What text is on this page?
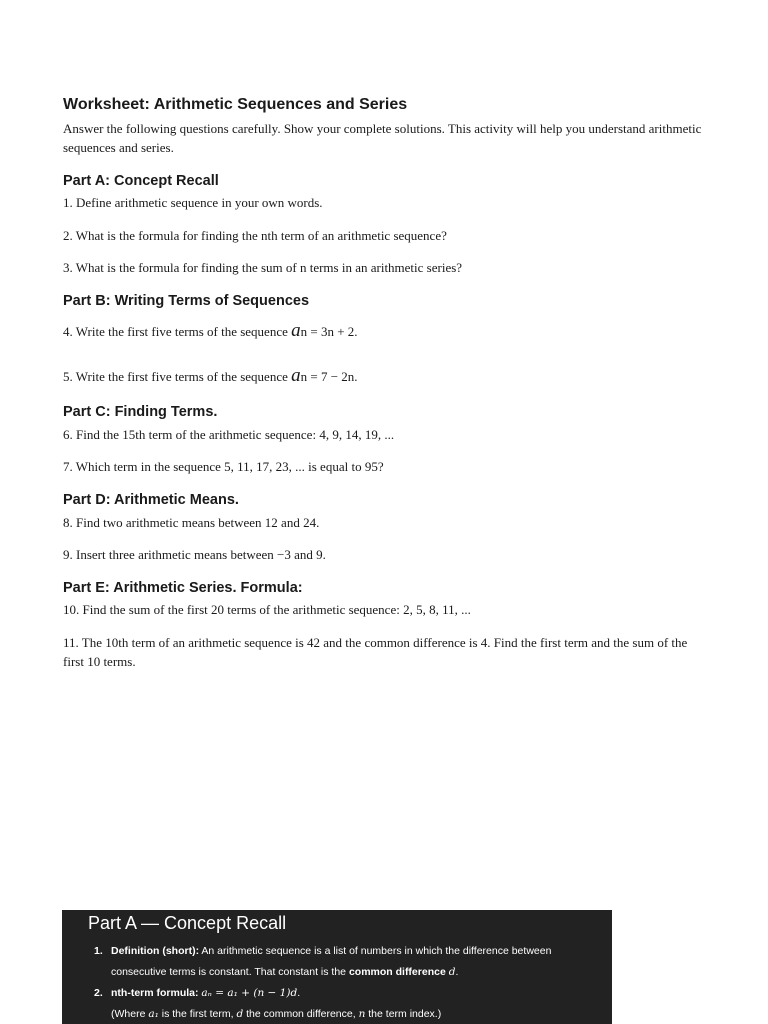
Worksheet: Arithmetic Sequences and Series
Answer the following questions carefully. Show your complete solutions. This activity will help you understand arithmetic sequences and series.
Part A: Concept Recall
1. Define arithmetic sequence in your own words.
2. What is the formula for finding the nth term of an arithmetic sequence?
3. What is the formula for finding the sum of n terms in an arithmetic series?
Part B: Writing Terms of Sequences
4. Write the first five terms of the sequence an = 3n + 2.
5. Write the first five terms of the sequence an = 7 − 2n.
Part C: Finding Terms.
6. Find the 15th term of the arithmetic sequence: 4, 9, 14, 19, ...
7. Which term in the sequence 5, 11, 17, 23, ... is equal to 95?
Part D: Arithmetic Means.
8. Find two arithmetic means between 12 and 24.
9. Insert three arithmetic means between −3 and 9.
Part E: Arithmetic Series. Formula:
10. Find the sum of the first 20 terms of the arithmetic sequence: 2, 5, 8, 11, ...
11. The 10th term of an arithmetic sequence is 42 and the common difference is 4. Find the first term and the sum of the first 10 terms.
Part A — Concept Recall
1. Definition (short): An arithmetic sequence is a list of numbers in which the difference between consecutive terms is constant. That constant is the common difference d.
2. nth-term formula: aₙ = a₁ + (n − 1)d.
(Where a₁ is the first term, d the common difference, n the term index.)
